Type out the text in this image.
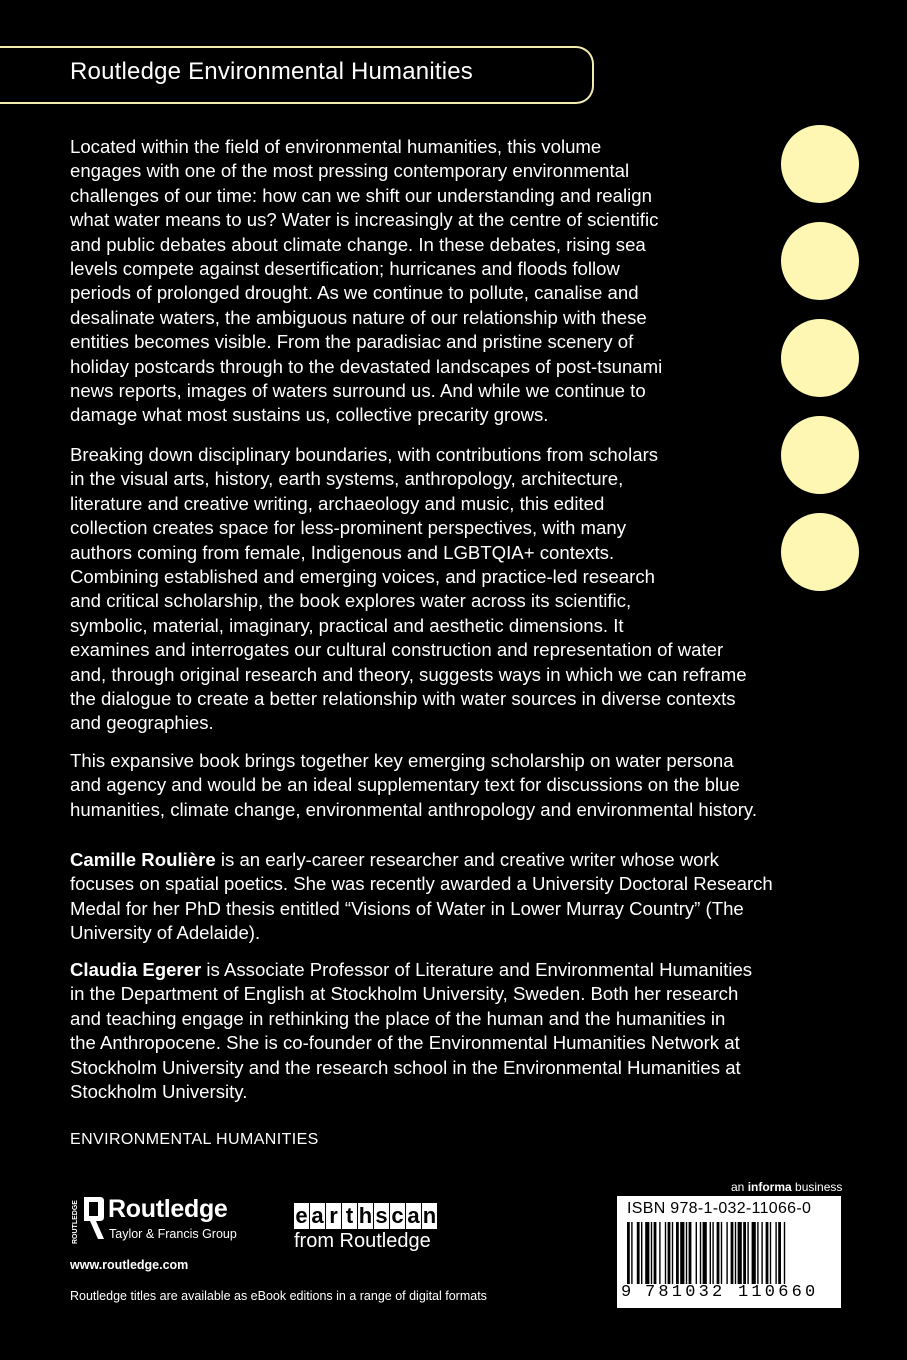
Routledge Environmental Humanities

Located within the field of environmental humanities, this volume

engages with one of the most pressing contemporary environmental

challenges of our time: how can we shift our understanding and realign

what water means to us? Water is increasingly at the centre of scientific

and public debates about climate change. In these debates, rising sea

levels compete against desertification; hurricanes and floods follow

periods of prolonged drought. As we continue to pollute, canalise and

desalinate waters, the ambiguous nature of our relationship with these

entities becomes visible. From the paradisiac and pristine scenery of

holiday postcards through to the devastated landscapes of post-tsunami

news reports, images of waters surround us. And while we continue to

damage what most sustains us, collective precarity grows.

Breaking down disciplinary boundaries, with contributions from scholars

in the visual arts, history, earth systems, anthropology, architecture,

literature and creative writing, archaeology and music, this edited

collection creates space for less-prominent perspectives, with many

authors coming from female, Indigenous and LGBTQIA+ contexts.

Combining established and emerging voices, and practice-led research

and critical scholarship, the book explores water across its scientific,

symbolic, material, imaginary, practical and aesthetic dimensions. It

examines and interrogates our cultural construction and representation of water

and, through original research and theory, suggests ways in which we can reframe

the dialogue to create a better relationship with water sources in diverse contexts

and geographies.

This expansive book brings together key emerging scholarship on water persona

and agency and would be an ideal supplementary text for discussions on the blue

humanities, climate change, environmental anthropology and environmental history.

Camille Roulière is an early-career researcher and creative writer whose work

focuses on spatial poetics. She was recently awarded a University Doctoral Research

Medal for her PhD thesis entitled “Visions of Water in Lower Murray Country” (The

University of Adelaide).

Claudia Egerer is Associate Professor of Literature and Environmental Humanities

in the Department of English at Stockholm University, Sweden. Both her research

and teaching engage in rethinking the place of the human and the humanities in

the Anthropocene. She is co-founder of the Environmental Humanities Network at

Stockholm University and the research school in the Environmental Humanities at

Stockholm University.

ENVIRONMENTAL HUMANITIES
ROUTLEDGE Routledge
Taylor & Francis Group
e a r t h s c a n
from Routledge
www.routledge.com
Routledge titles are available as eBook editions in a range of digital formats
an informa business
ISBN 978-1-032-11066-0
9 781032 110660
